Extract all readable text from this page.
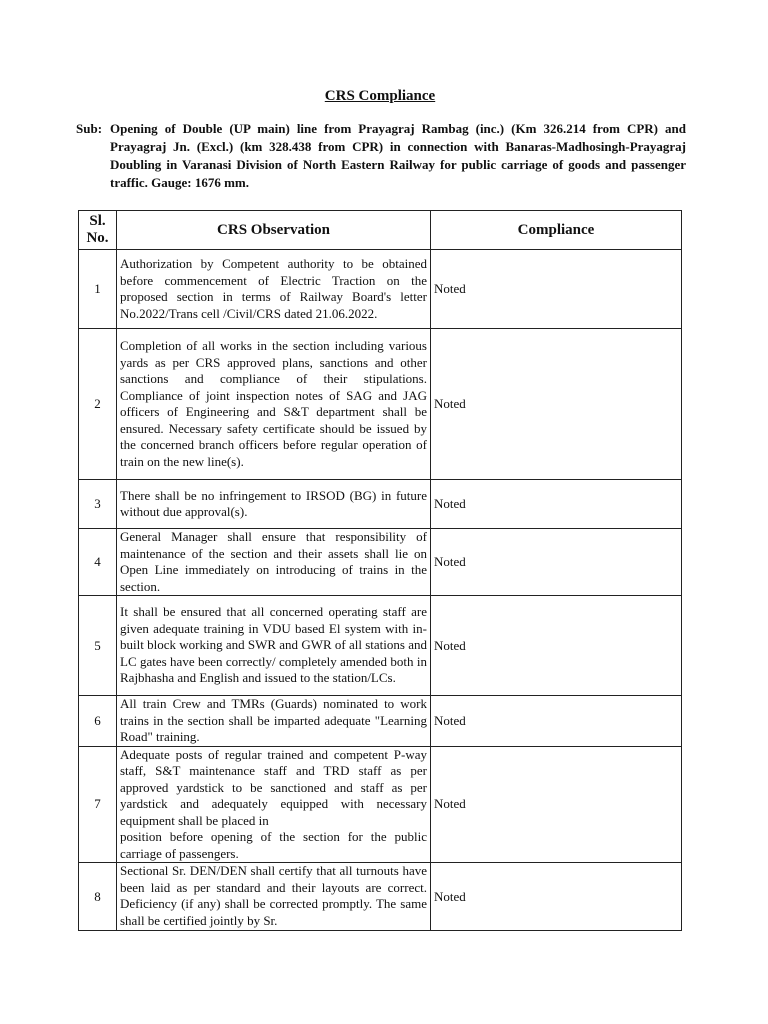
CRS Compliance
Sub: Opening of Double (UP main) line from Prayagraj Rambag (inc.) (Km 326.214 from CPR) and Prayagraj Jn. (Excl.) (km 328.438 from CPR) in connection with Banaras-Madhosingh-Prayagraj Doubling in Varanasi Division of North Eastern Railway for public carriage of goods and passenger traffic. Gauge: 1676 mm.
Sl.
No.	CRS Observation	Compliance
1	Authorization by Competent authority to be obtained before commencement of Electric Traction on the proposed section in terms of Railway Board's letter No.2022/Trans cell /Civil/CRS dated 21.06.2022.	Noted
2	Completion of all works in the section including various yards as per CRS approved plans, sanctions and other sanctions and compliance of their stipulations. Compliance of joint inspection notes of SAG and JAG officers of Engineering and S&T department shall be ensured. Necessary safety certificate should be issued by the concerned branch officers before regular operation of train on the new line(s).	Noted
3	There shall be no infringement to IRSOD (BG) in future without due approval(s).	Noted
4	General Manager shall ensure that responsibility of maintenance of the section and their assets shall lie on Open Line immediately on introducing of trains in the section.	Noted
5	It shall be ensured that all concerned operating staff are given adequate training in VDU based El system with in-built block working and SWR and GWR of all stations and LC gates have been correctly/ completely amended both in Rajbhasha and English and issued to the station/LCs.	Noted
6	All train Crew and TMRs (Guards) nominated to work trains in the section shall be imparted adequate "Learning Road" training.	Noted
7	Adequate posts of regular trained and competent P-way staff, S&T maintenance staff and TRD staff as per approved yardstick to be sanctioned and staff as per yardstick and adequately equipped with necessary equipment shall be placed in
position before opening of the section for the public carriage of passengers.	Noted
8	Sectional Sr. DEN/DEN shall certify that all turnouts have been laid as per standard and their layouts are correct. Deficiency (if any) shall be corrected promptly. The same shall be certified jointly by Sr.	Noted
